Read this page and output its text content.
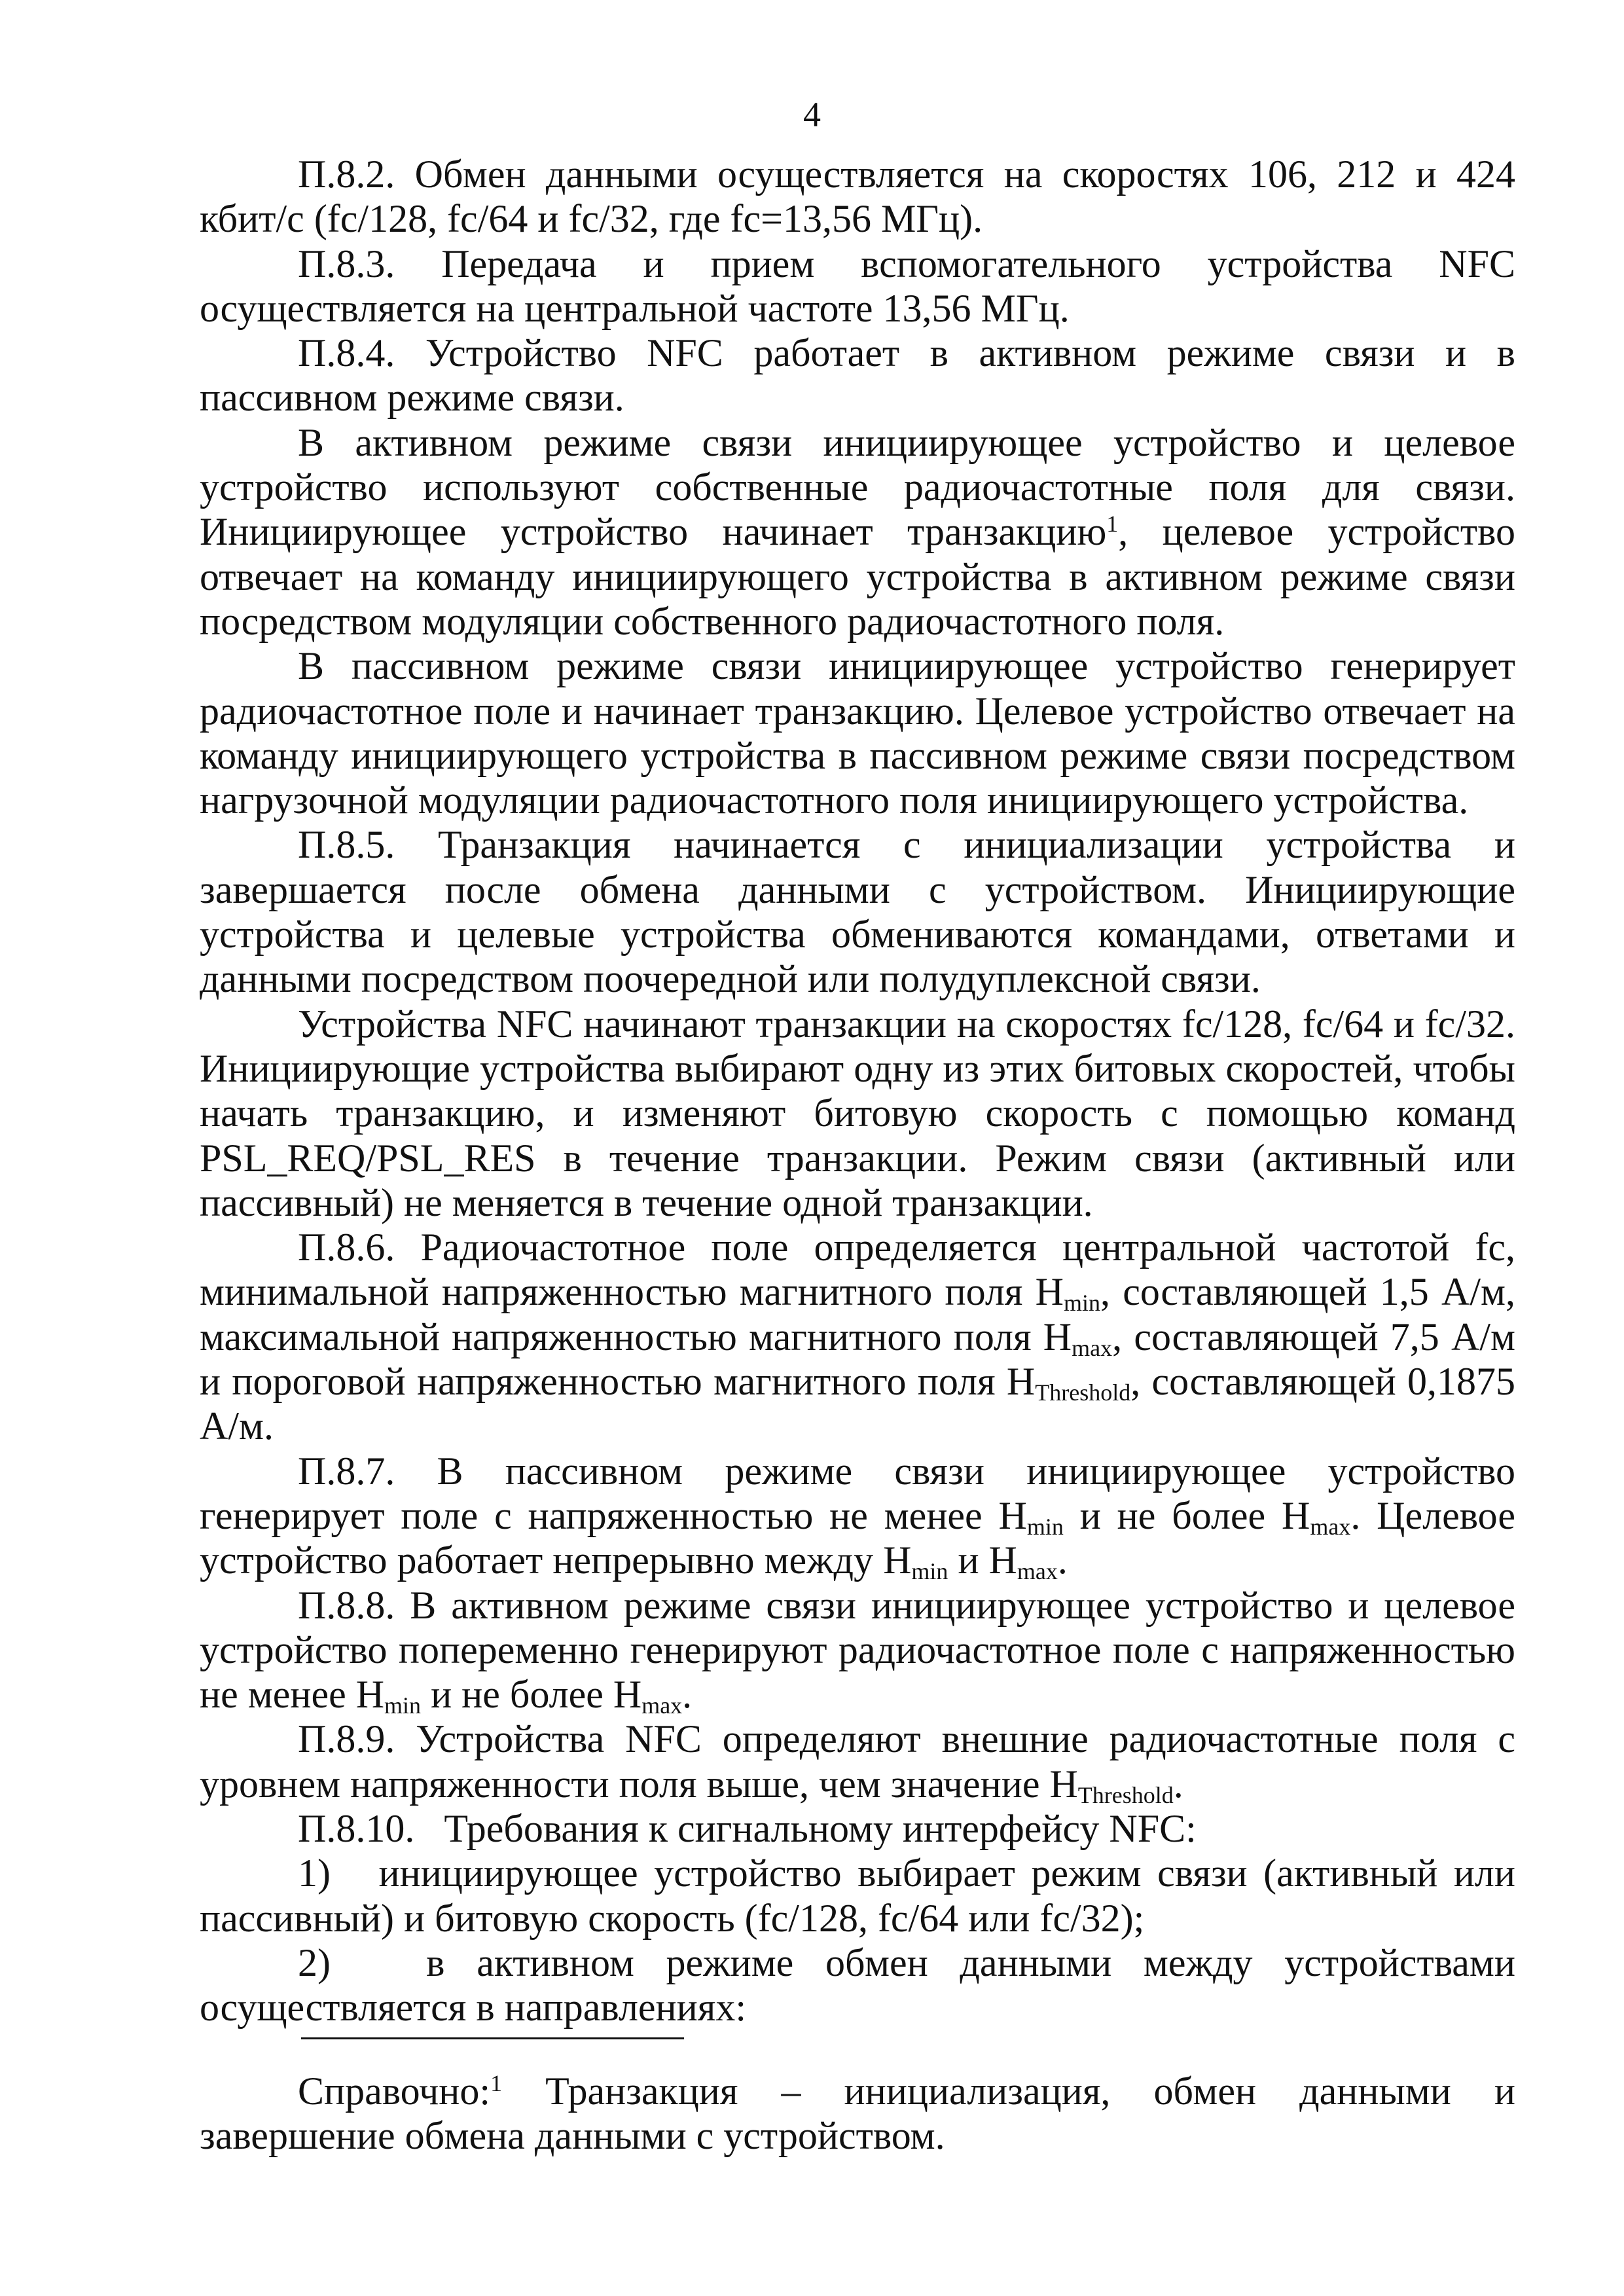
4

П.8.2. Обмен данными осуществляется на скоростях 106, 212 и 424 кбит/с (fc/128, fc/64 и fc/32, где fc=13,56 МГц).

П.8.3. Передача и прием вспомогательного устройства NFC осуществляется на центральной частоте 13,56 МГц.

П.8.4. Устройство NFC работает в активном режиме связи и в пассивном режиме связи.

В активном режиме связи инициирующее устройство и целевое устройство используют собственные радиочастотные поля для связи. Инициирующее устройство начинает транзакцию$^1$, целевое устройство отвечает на команду инициирующего устройства в активном режиме связи посредством модуляции собственного радиочастотного поля.

В пассивном режиме связи инициирующее устройство генерирует радиочастотное поле и начинает транзакцию. Целевое устройство отвечает на команду инициирующего устройства в пассивном режиме связи посредством нагрузочной модуляции радиочастотного поля инициирующего устройства.

П.8.5. Транзакция начинается с инициализации устройства и завершается после обмена данными с устройством. Инициирующие устройства и целевые устройства обмениваются командами, ответами и данными посредством поочередной или полудуплексной связи.

Устройства NFC начинают транзакции на скоростях fc/128, fc/64 и fc/32. Инициирующие устройства выбирают одну из этих битовых скоростей, чтобы начать транзакцию, и изменяют битовую скорость с помощью команд PSL_REQ/PSL_RES в течение транзакции. Режим связи (активный или пассивный) не меняется в течение одной транзакции.

П.8.6. Радиочастотное поле определяется центральной частотой fc, минимальной напряженностью магнитного поля $H_{min}$, составляющей 1,5 А/м, максимальной напряженностью магнитного поля $H_{max}$, составляющей 7,5 А/м и пороговой напряженностью магнитного поля $H_{Threshold}$, составляющей 0,1875 А/м.

П.8.7. В пассивном режиме связи инициирующее устройство генерирует поле с напряженностью не менее $H_{min}$ и не более $H_{max}$. Целевое устройство работает непрерывно между $H_{min}$ и $H_{max}$.

П.8.8. В активном режиме связи инициирующее устройство и целевое устройство попеременно генерируют радиочастотное поле с напряженностью не менее $H_{min}$ и не более $H_{max}$.

П.8.9. Устройства NFC определяют внешние радиочастотные поля с уровнем напряженности поля выше, чем значение $H_{Threshold}$.

П.8.10.   Требования к сигнальному интерфейсу NFC:

1)   инициирующее устройство выбирает режим связи (активный или пассивный) и битовую скорость (fc/128, fc/64 или fc/32);

2)   в активном режиме обмен данными между устройствами осуществляется в направлениях:

Справочно:$^1$ Транзакция – инициализация, обмен данными и завершение обмена данными с устройством.
